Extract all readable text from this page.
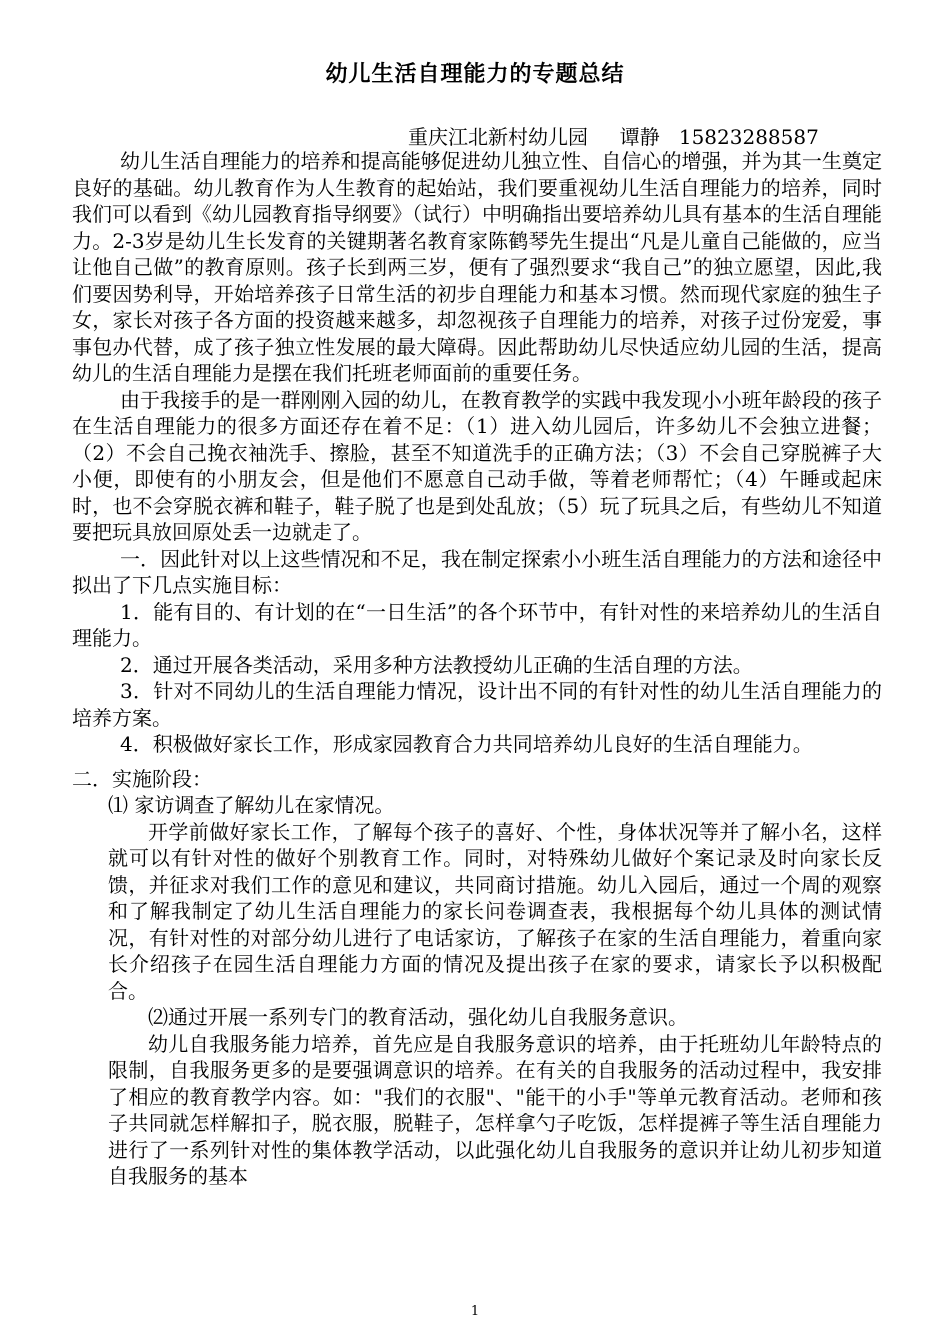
幼儿生活自理能力的专题总结
重庆江北新村幼儿园     谭静   15823288587

幼儿生活自理能力的培养和提高能够促进幼儿独立性、自信心的增强，并为其一生奠定良好的基础。幼儿教育作为人生教育的起始站，我们要重视幼儿生活自理能力的培养，同时我们可以看到《幼儿园教育指导纲要》（试行）中明确指出要培养幼儿具有基本的生活自理能力。2-3岁是幼儿生长发育的关键期著名教育家陈鹤琴先生提出“凡是儿童自己能做的，应当让他自己做”的教育原则。孩子长到两三岁，便有了强烈要求“我自己”的独立愿望，因此,我们要因势利导，开始培养孩子日常生活的初步自理能力和基本习惯。然而现代家庭的独生子女，家长对孩子各方面的投资越来越多，却忽视孩子自理能力的培养，对孩子过份宠爱，事事包办代替，成了孩子独立性发展的最大障碍。因此帮助幼儿尽快适应幼儿园的生活，提高幼儿的生活自理能力是摆在我们托班老师面前的重要任务。

由于我接手的是一群刚刚入园的幼儿，在教育教学的实践中我发现小小班年龄段的孩子在生活自理能力的很多方面还存在着不足：（1）进入幼儿园后，许多幼儿不会独立进餐；（2）不会自己挽衣袖洗手、擦脸，甚至不知道洗手的正确方法；（3）不会自己穿脱裤子大小便，即使有的小朋友会，但是他们不愿意自己动手做，等着老师帮忙；（4）午睡或起床时，也不会穿脱衣裤和鞋子，鞋子脱了也是到处乱放；（5）玩了玩具之后，有些幼儿不知道要把玩具放回原处丢一边就走了。

一．因此针对以上这些情况和不足，我在制定探索小小班生活自理能力的方法和途径中拟出了下几点实施目标：

1．能有目的、有计划的在“一日生活”的各个环节中，有针对性的来培养幼儿的生活自理能力。

2．通过开展各类活动，采用多种方法教授幼儿正确的生活自理的方法。

3．针对不同幼儿的生活自理能力情况，设计出不同的有针对性的幼儿生活自理能力的培养方案。

4．积极做好家长工作，形成家园教育合力共同培养幼儿良好的生活自理能力。

二．实施阶段：

⑴ 家访调查了解幼儿在家情况。

开学前做好家长工作，了解每个孩子的喜好、个性，身体状况等并了解小名，这样就可以有针对性的做好个别教育工作。同时，对特殊幼儿做好个案记录及时向家长反馈，并征求对我们工作的意见和建议，共同商讨措施。幼儿入园后，通过一个周的观察和了解我制定了幼儿生活自理能力的家长问卷调查表，我根据每个幼儿具体的测试情况，有针对性的对部分幼儿进行了电话家访，了解孩子在家的生活自理能力，着重向家长介绍孩子在园生活自理能力方面的情况及提出孩子在家的要求，请家长予以积极配合。

⑵通过开展一系列专门的教育活动，强化幼儿自我服务意识。

幼儿自我服务能力培养，首先应是自我服务意识的培养，由于托班幼儿年龄特点的限制，自我服务更多的是要强调意识的培养。在有关的自我服务的活动过程中，我安排了相应的教育教学内容。如："我们的衣服"、"能干的小手"等单元教育活动。老师和孩子共同就怎样解扣子，脱衣服，脱鞋子，怎样拿勺子吃饭，怎样提裤子等生活自理能力进行了一系列针对性的集体教学活动，以此强化幼儿自我服务的意识并让幼儿初步知道自我服务的基本

1
